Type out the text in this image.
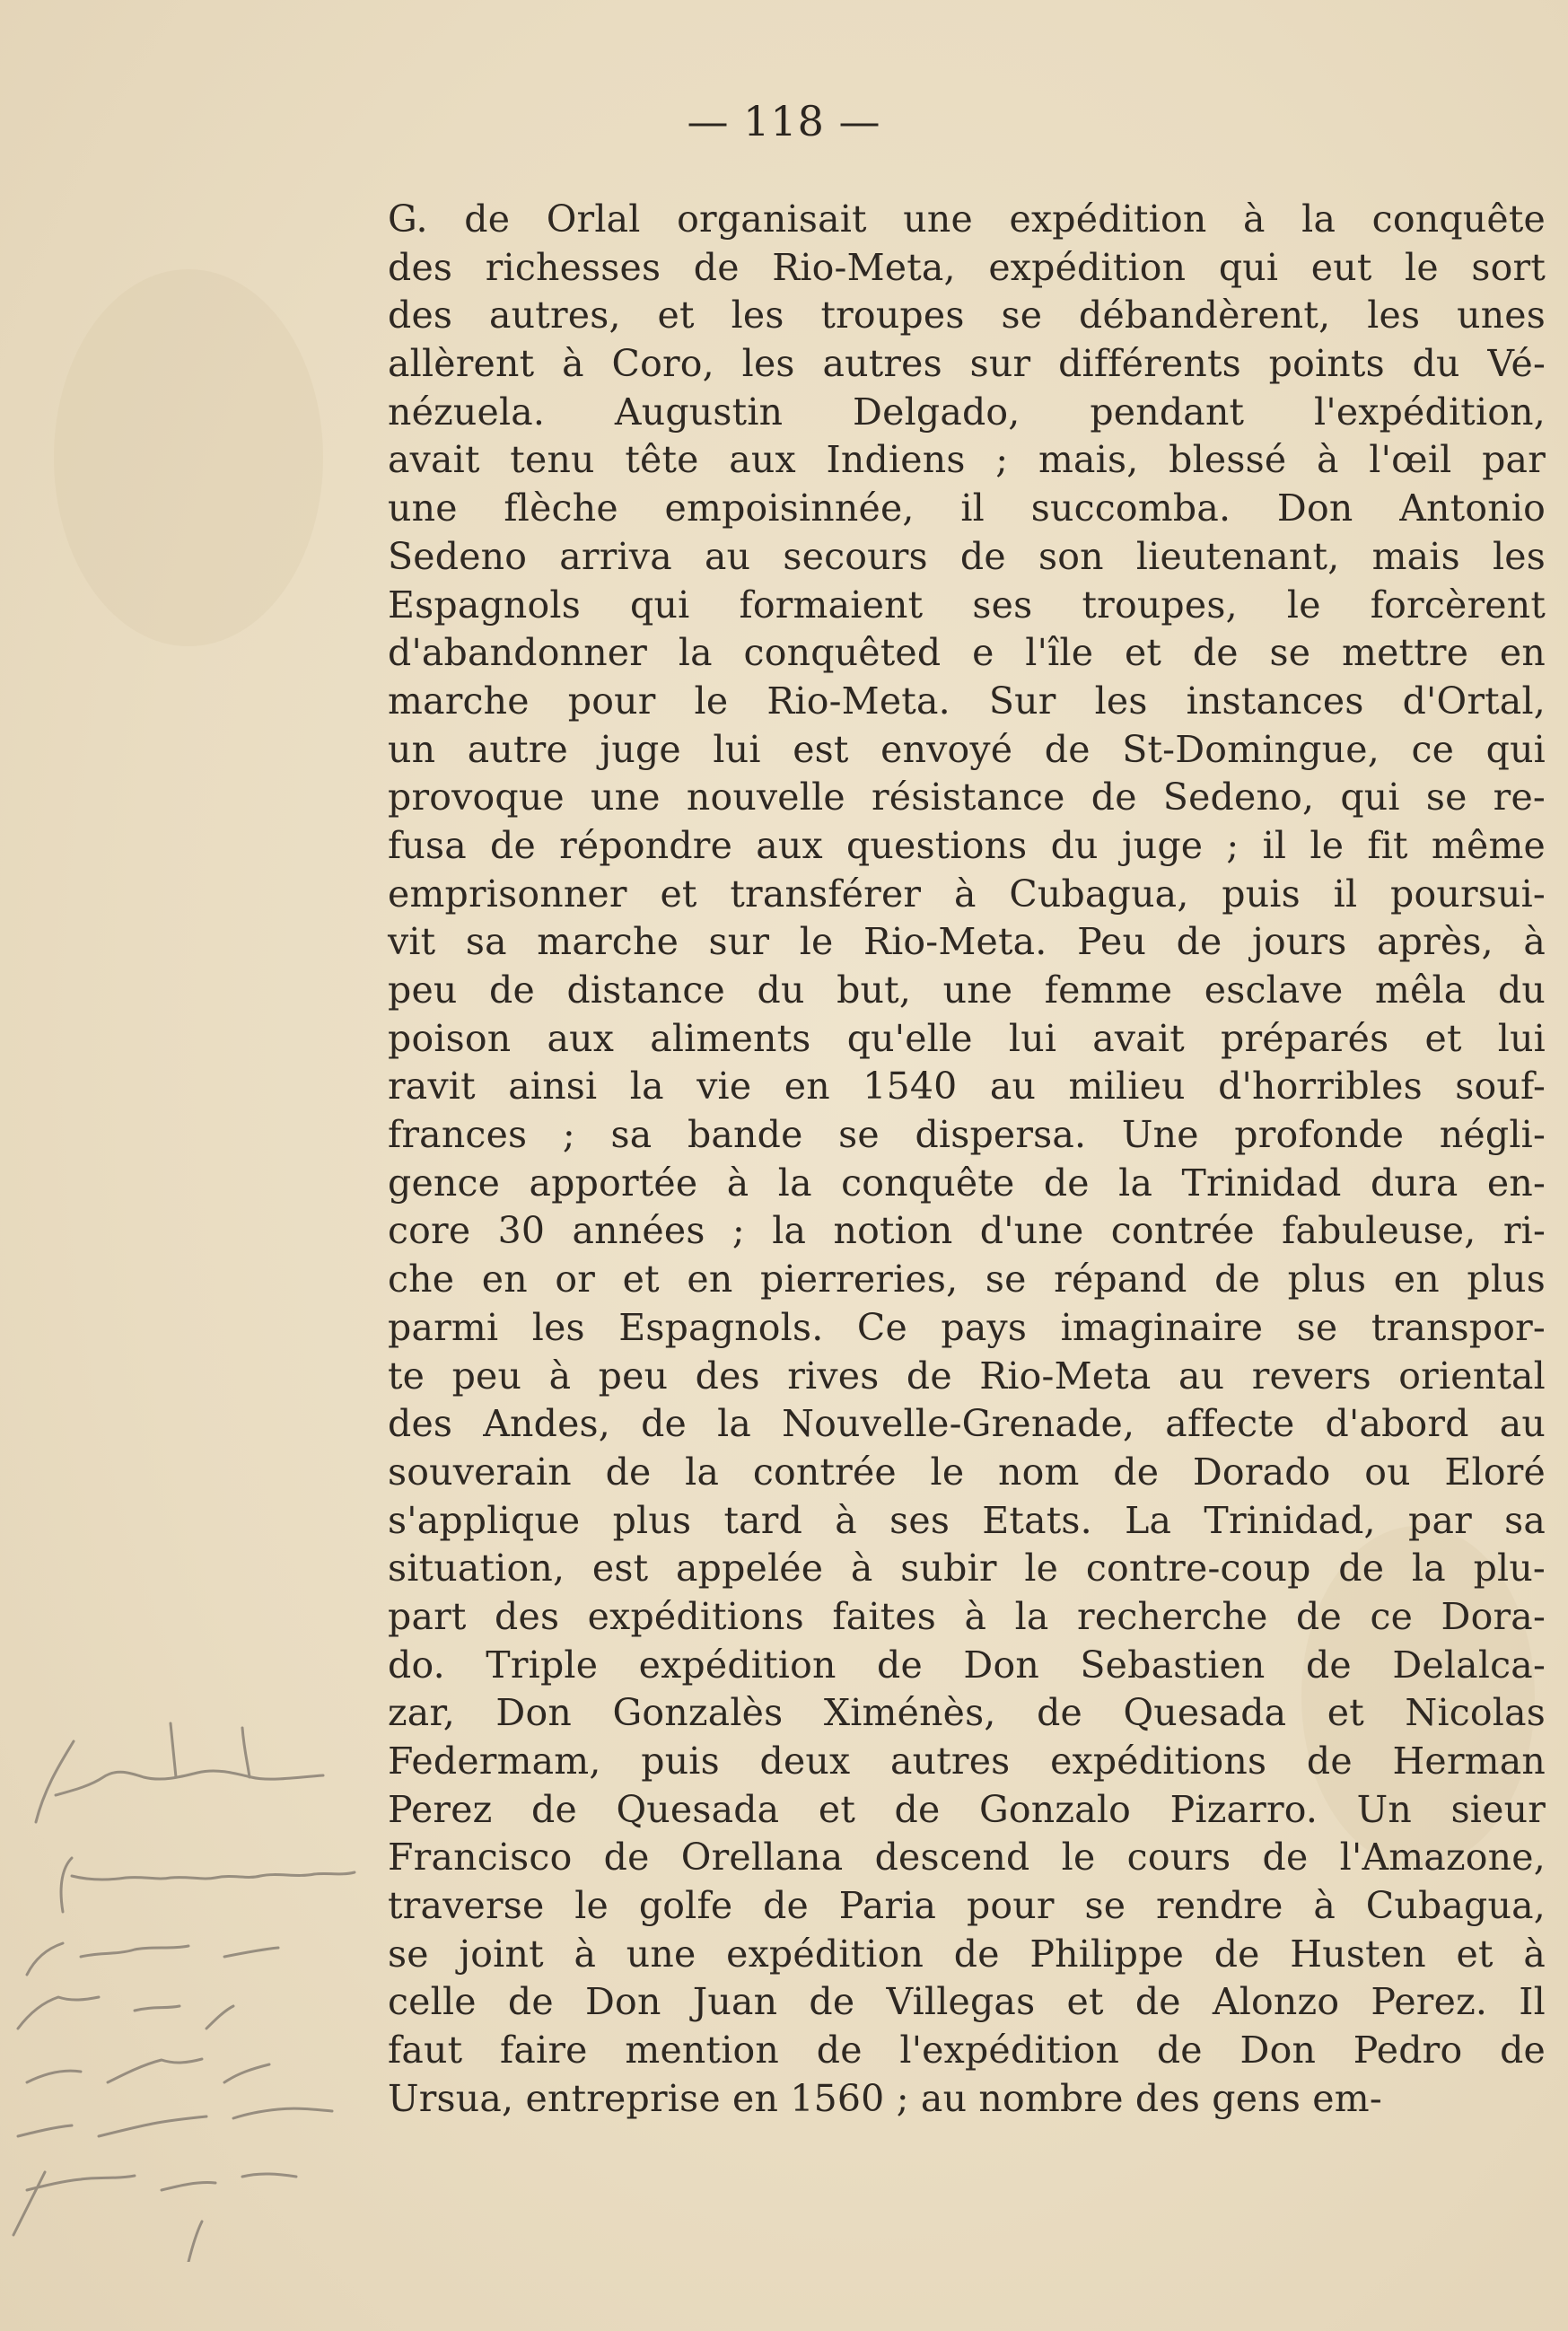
— 118 —
G. de Orlal organisait une expédition à la conquête
des richesses de Rio-Meta, expédition qui eut le sort
des autres, et les troupes se débandèrent, les unes
allèrent à Coro, les autres sur différents points du Vé-
nézuela. Augustin Delgado, pendant l'expédition,
avait tenu tête aux Indiens ; mais, blessé à l'œil par
une flèche empoisinnée, il succomba. Don Antonio
Sedeno arriva au secours de son lieutenant, mais les
Espagnols qui formaient ses troupes, le forcèrent
d'abandonner la conquêted e l'île et de se mettre en
marche pour le Rio-Meta. Sur les instances d'Ortal,
un autre juge lui est envoyé de St-Domingue, ce qui
provoque une nouvelle résistance de Sedeno, qui se re-
fusa de répondre aux questions du juge ; il le fit même
emprisonner et transférer à Cubagua, puis il poursui-
vit sa marche sur le Rio-Meta. Peu de jours après, à
peu de distance du but, une femme esclave mêla du
poison aux aliments qu'elle lui avait préparés et lui
ravit ainsi la vie en 1540 au milieu d'horribles souf-
frances ; sa bande se dispersa. Une profonde négli-
gence apportée à la conquête de la Trinidad dura en-
core 30 années ; la notion d'une contrée fabuleuse, ri-
che en or et en pierreries, se répand de plus en plus
parmi les Espagnols. Ce pays imaginaire se transpor-
te peu à peu des rives de Rio-Meta au revers oriental
des Andes, de la Nouvelle-Grenade, affecte d'abord au
souverain de la contrée le nom de Dorado ou Eloré
s'applique plus tard à ses Etats. La Trinidad, par sa
situation, est appelée à subir le contre-coup de la plu-
part des expéditions faites à la recherche de ce Dora-
do. Triple expédition de Don Sebastien de Delalca-
zar, Don Gonzalès Ximénès, de Quesada et Nicolas
Federmam, puis deux autres expéditions de Herman
Perez de Quesada et de Gonzalo Pizarro. Un sieur
Francisco de Orellana descend le cours de l'Amazone,
traverse le golfe de Paria pour se rendre à Cubagua,
se joint à une expédition de Philippe de Husten et à
celle de Don Juan de Villegas et de Alonzo Perez. Il
faut faire mention de l'expédition de Don Pedro de
Ursua, entreprise en 1560 ; au nombre des gens em-
